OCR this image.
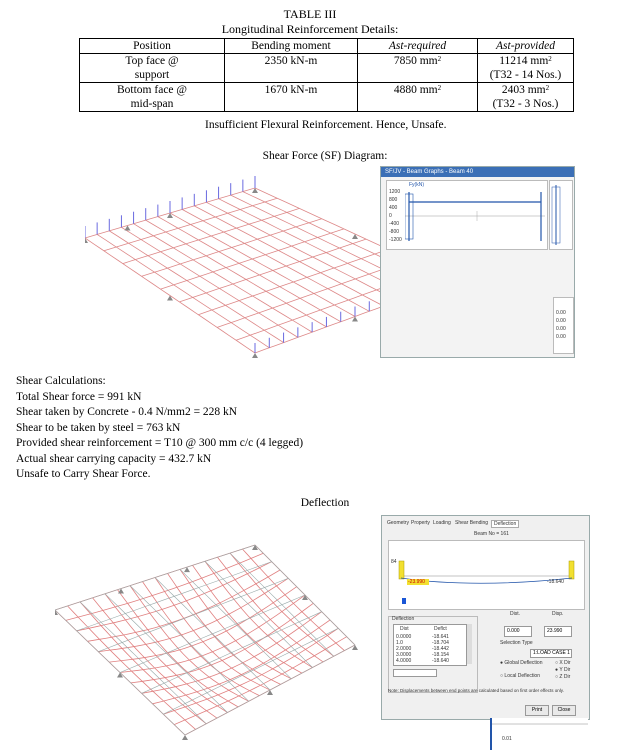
TABLE III
Longitudinal Reinforcement Details:
Position	Bending moment	Ast-required	Ast-provided
Top face @
support	2350 kN-m	7850 $mm^2$	11214 $mm^2$
(T32 - 14 Nos.)
Bottom face @
mid-span	1670 kN-m	4880 $mm^2$	2403 $mm^2$
(T32 - 3 Nos.)
Insufficient Flexural Reinforcement. Hence, Unsafe.
Shear Force (SF) Diagram:
SF/JV - Beam Graphs - Beam 40
Fy(kN)
1200
800
400
0
-400
-800
-1200
0.00
0.00
0.00
0.00
Shear Calculations:
Total Shear force = 991 kN
Shear taken by Concrete - 0.4 N/mm2 = 228 kN
Shear to be taken by steel = 763 kN
Provided shear reinforcement = T10 @ 300 mm c/c (4 legged)
Actual shear carrying capacity = 432.7 kN
Unsafe to Carry Shear Force.
Deflection
Geometry Property Loading Shear Bending	Deflection
Beam No = 161
-23.990	-18.640
84
Dist.	Disp.
0.000	23.990
Deflection
Dist	Deflct
0.0000	-18.641
1.0	-18.704
2.0000	-18.442
3.0000	-18.154
4.0000	-18.640
Selection Type
1:LOAD CASE 1
● Global Deflection
○ Local Deflection
○ X Dir
● Y Dir
○ Z Dir
Note: Displacements between end points are calculated based on first order effects only.
Print	Close
0.01
